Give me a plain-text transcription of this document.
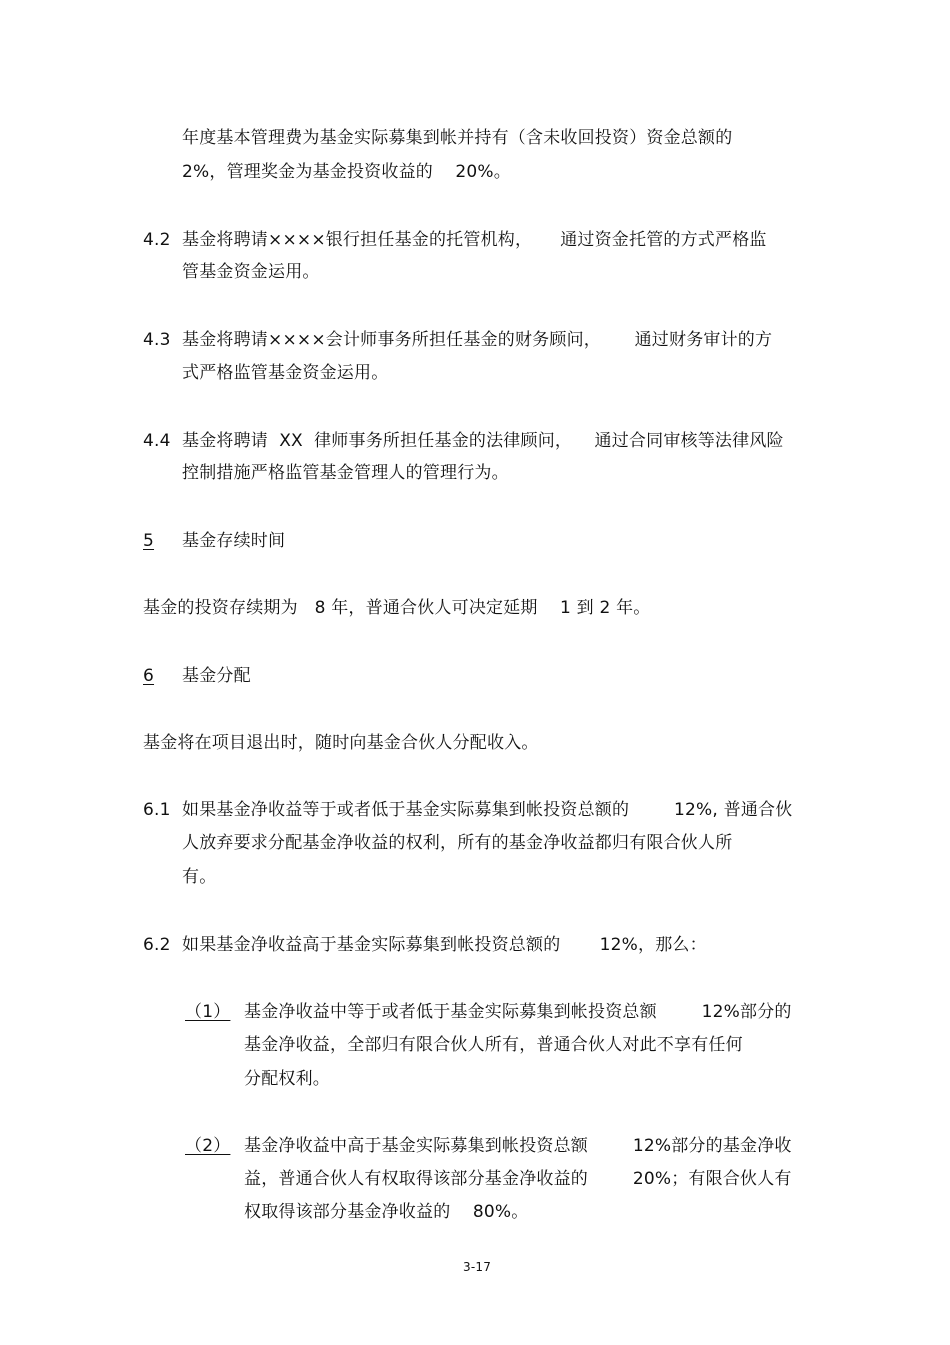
年度基本管理费为基金实际募集到帐并持有（含未收回投资）资金总额的
2%，管理奖金为基金投资收益的    20%。
4.2 基金将聘请××××银行担任基金的托管机构，     通过资金托管的方式严格监
管基金资金运用。
4.3 基金将聘请××××会计师事务所担任基金的财务顾问，      通过财务审计的方
式严格监管基金资金运用。
4.4 基金将聘请  XX  律师事务所担任基金的法律顾问，    通过合同审核等法律风险
控制措施严格监管基金管理人的管理行为。
5 基金存续时间
基金的投资存续期为   8 年，普通合伙人可决定延期    1 到 2 年。
6 基金分配
基金将在项目退出时，随时向基金合伙人分配收入。
6.1 如果基金净收益等于或者低于基金实际募集到帐投资总额的        12%, 普通合伙
人放弃要求分配基金净收益的权利，所有的基金净收益都归有限合伙人所
有。
6.2 如果基金净收益高于基金实际募集到帐投资总额的       12%，那么：
（1） 基金净收益中等于或者低于基金实际募集到帐投资总额        12%部分的
基金净收益，全部归有限合伙人所有，普通合伙人对此不享有任何
分配权利。
（2） 基金净收益中高于基金实际募集到帐投资总额        12%部分的基金净收
益，普通合伙人有权取得该部分基金净收益的        20%；有限合伙人有
权取得该部分基金净收益的    80%。
3-17
